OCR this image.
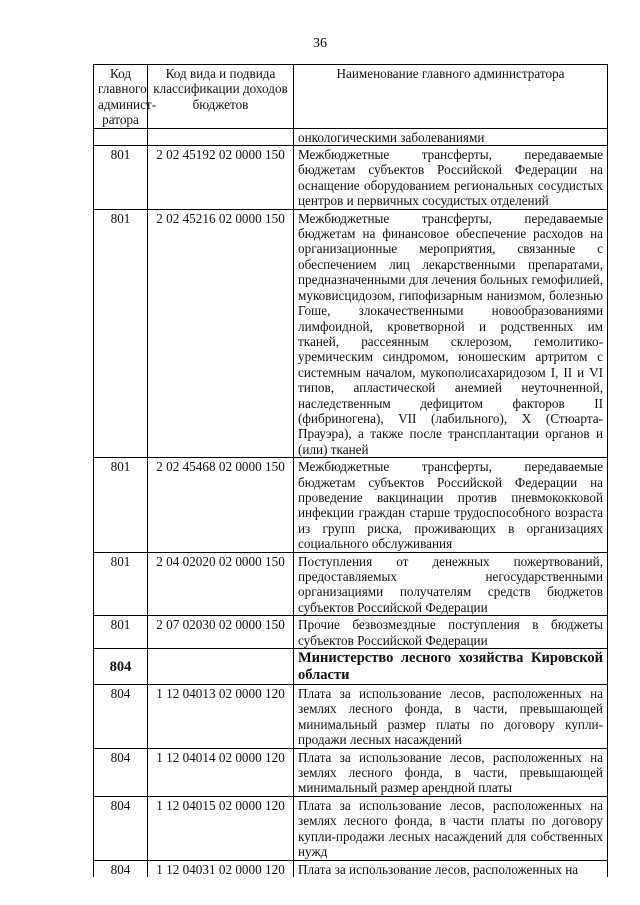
36
Код главного админист-ратора	Код вида и подвида классификации доходов бюджетов	Наименование главного администратора
		онкологическими заболеваниями
801	2 02 45192 02 0000 150	Межбюджетные трансферты, передаваемые бюджетам субъектов Российской Федерации на оснащение оборудованием региональных сосудистых центров и первичных сосудистых отделений
801	2 02 45216 02 0000 150	Межбюджетные трансферты, передаваемые бюджетам на финансовое обеспечение расходов на организационные мероприятия, связанные с обеспечением лиц лекарственными препаратами, предназначенными для лечения больных гемофилией, муковисцидозом, гипофизарным нанизмом, болезнью Гоше, злокачественными новообразованиями лимфоидной, кроветворной и родственных им тканей, рассеянным склерозом, гемолитико-уремическим синдромом, юношеским артритом с системным началом, мукополисахаридозом I, II и VI типов, апластической анемией неуточненной, наследственным дефицитом факторов II (фибриногена), VII (лабильного), X (Стюарта-Прауэра), а также после трансплантации органов и (или) тканей
801	2 02 45468 02 0000 150	Межбюджетные трансферты, передаваемые бюджетам субъектов Российской Федерации на проведение вакцинации против пневмококковой инфекции граждан старше трудоспособного возраста из групп риска, проживающих в организациях социального обслуживания
801	2 04 02020 02 0000 150	Поступления от денежных пожертвований, предоставляемых негосударственными организациями получателям средств бюджетов субъектов Российской Федерации
801	2 07 02030 02 0000 150	Прочие безвозмездные поступления в бюджеты субъектов Российской Федерации
804		Министерство лесного хозяйства Кировской области
804	1 12 04013 02 0000 120	Плата за использование лесов, расположенных на землях лесного фонда, в части, превышающей минимальный размер платы по договору купли-продажи лесных насаждений
804	1 12 04014 02 0000 120	Плата за использование лесов, расположенных на землях лесного фонда, в части, превышающей минимальный размер арендной платы
804	1 12 04015 02 0000 120	Плата за использование лесов, расположенных на землях лесного фонда, в части платы по договору купли-продажи лесных насаждений для собственных нужд
804	1 12 04031 02 0000 120	Плата за использование лесов, расположенных на
